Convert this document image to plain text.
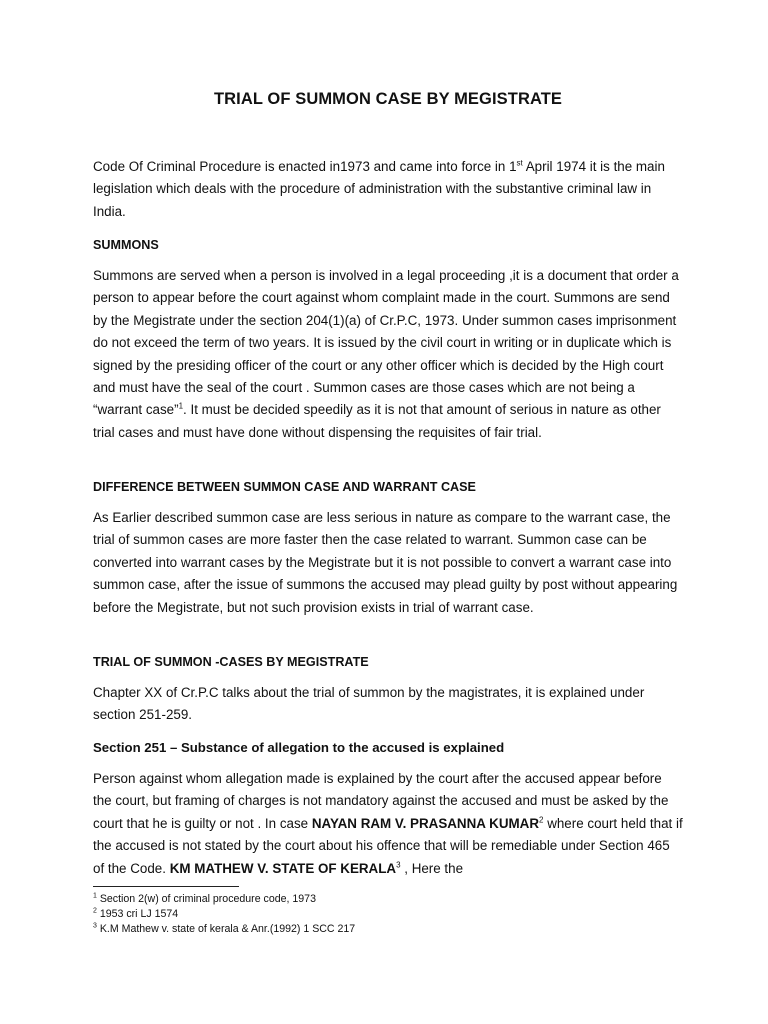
TRIAL OF SUMMON CASE BY MEGISTRATE

Code Of Criminal Procedure is enacted in1973 and came into force in 1st April 1974 it is the main legislation which deals with the procedure of administration with the substantive criminal law in India.

SUMMONS

Summons are served when a person is involved in a legal proceeding ,it is a document that order a person to appear before the court against whom complaint made in the court. Summons are send by the Megistrate under the section 204(1)(a) of Cr.P.C, 1973. Under summon cases imprisonment do not exceed the term of two years. It is issued by the civil court in writing or in duplicate which is signed by the presiding officer of the court or any other officer which is decided by the High court and must have the seal of the court . Summon cases are those cases which are not being a “warrant case”$^1$. It must be decided speedily as it is not that amount of serious in nature as other trial cases and must have done without dispensing the requisites of fair trial.

DIFFERENCE BETWEEN SUMMON CASE AND WARRANT CASE

As Earlier described summon case are less serious in nature as compare to the warrant case, the trial of summon cases are more faster then the case related to warrant. Summon case can be converted into warrant cases by the Megistrate but it is not possible to convert a warrant case into summon case, after the issue of summons the accused may plead guilty by post without appearing before the Megistrate, but not such provision exists in trial of warrant case.

TRIAL OF SUMMON -CASES BY MEGISTRATE

Chapter XX of Cr.P.C talks about the trial of summon by the magistrates, it is explained under section 251-259.

Section 251 – Substance of allegation to the accused is explained

Person against whom allegation made is explained by the court after the accused appear before the court, but framing of charges is not mandatory against the accused and must be asked by the court that he is guilty or not . In case NAYAN RAM V. PRASANNA KUMAR$^2$ where court held that if the accused is not stated by the court about his offence that will be remediable under Section 465 of the Code. KM MATHEW V. STATE OF KERALA$^3$ , Here the

$^1$ Section 2(w) of criminal procedure code, 1973
$^2$ 1953 cri LJ 1574
$^3$ K.M Mathew v. state of kerala & Anr.(1992) 1 SCC 217
